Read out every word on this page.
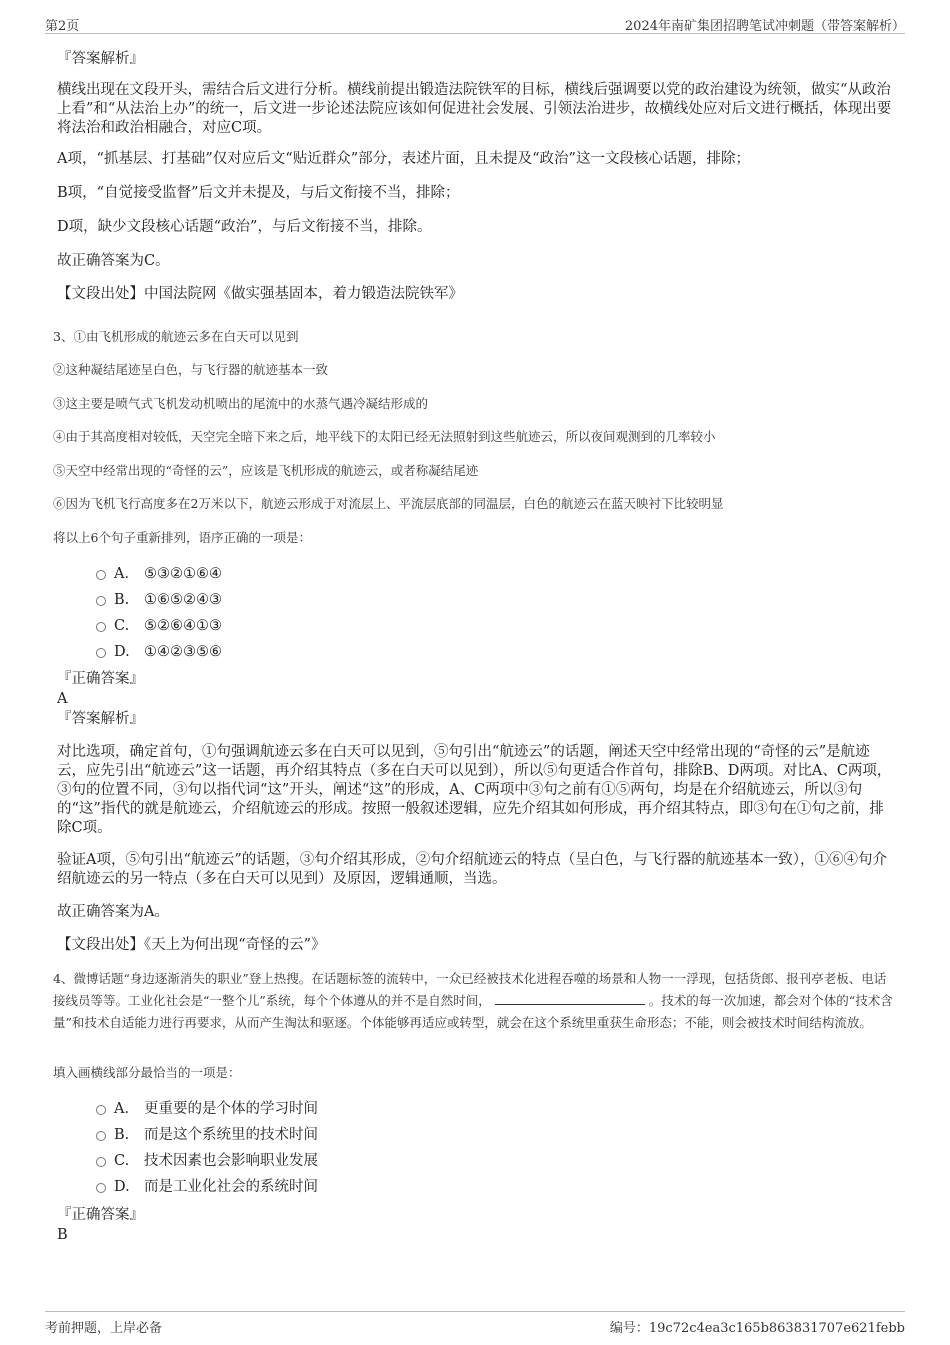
第2页	2024年南矿集团招聘笔试冲刺题（带答案解析）
『答案解析』
横线出现在文段开头，需结合后文进行分析。横线前提出锻造法院铁军的目标，横线后强调要以党的政治建设为统领，做实“从政治上看”和“从法治上办”的统一，后文进一步论述法院应该如何促进社会发展、引领法治进步，故横线处应对后文进行概括，体现出要将法治和政治相融合，对应C项。
A项，“抓基层、打基础”仅对应后文“贴近群众”部分，表述片面，且未提及“政治”这一文段核心话题，排除；
B项，“自觉接受监督”后文并未提及，与后文衔接不当，排除；
D项，缺少文段核心话题“政治”，与后文衔接不当，排除。
故正确答案为C。
【文段出处】中国法院网《做实强基固本，着力锻造法院铁军》
3、①由飞机形成的航迹云多在白天可以见到
②这种凝结尾迹呈白色，与飞行器的航迹基本一致
③这主要是喷气式飞机发动机喷出的尾流中的水蒸气遇冷凝结形成的
④由于其高度相对较低，天空完全暗下来之后，地平线下的太阳已经无法照射到这些航迹云，所以夜间观测到的几率较小
⑤天空中经常出现的“奇怪的云”，应该是飞机形成的航迹云，或者称凝结尾迹
⑥因为飞机飞行高度多在2万米以下，航迹云形成于对流层上、平流层底部的同温层，白色的航迹云在蓝天映衬下比较明显
将以上6个句子重新排列，语序正确的一项是：
A． ⑤③②①⑥④
B. ①⑥⑤②④③
C. ⑤②⑥④①③
D. ①④②③⑤⑥
『正确答案』
A
『答案解析』
对比选项，确定首句，①句强调航迹云多在白天可以见到，⑤句引出“航迹云”的话题，阐述天空中经常出现的“奇怪的云”是航迹云，应先引出“航迹云”这一话题，再介绍其特点（多在白天可以见到），所以⑤句更适合作首句，排除B、D两项。对比A、C两项，③句的位置不同，③句以指代词“这”开头，阐述“这”的形成，A、C两项中③句之前有①⑤两句，均是在介绍航迹云，所以③句的“这”指代的就是航迹云，介绍航迹云的形成。按照一般叙述逻辑，应先介绍其如何形成，再介绍其特点，即③句在①句之前，排除C项。
验证A项，⑤句引出“航迹云”的话题，③句介绍其形成，②句介绍航迹云的特点（呈白色，与飞行器的航迹基本一致），①⑥④句介绍航迹云的另一特点（多在白天可以见到）及原因，逻辑通顺，当选。
故正确答案为A。
【文段出处】《天上为何出现“奇怪的云”》
4、微博话题“身边逐渐消失的职业”登上热搜。在话题标签的流转中，一众已经被技术化进程吞噬的场景和人物一一浮现，包括货郎、报刊亭老板、电话接线员等等。工业化社会是“一整个儿”系统，每个个体遵从的并不是自然时间，	。技术的每一次加速，都会对个体的“技术含量”和技术自适能力进行再要求，从而产生淘汰和驱逐。个体能够再适应或转型，就会在这个系统里重获生命形态；不能，则会被技术时间结构流放。
填入画横线部分最恰当的一项是：
A． 更重要的是个体的学习时间
B. 而是这个系统里的技术时间
C. 技术因素也会影响职业发展
D. 而是工业化社会的系统时间
『正确答案』
B
考前押题，上岸必备	编号：19c72c4ea3c165b863831707e621febb
